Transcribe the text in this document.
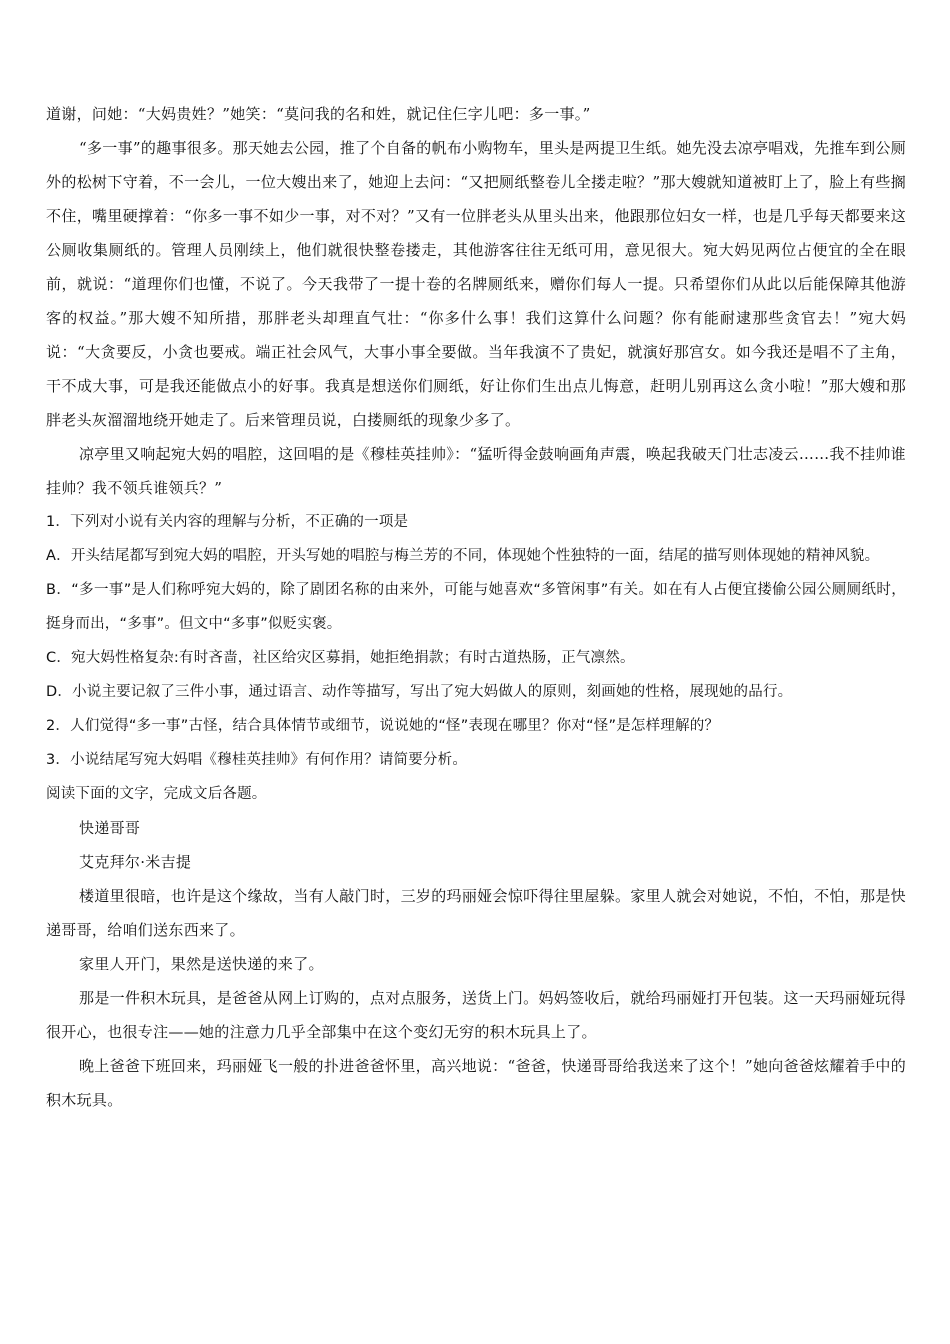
道谢，问她：“大妈贵姓？”她笑：“莫问我的名和姓，就记住仨字儿吧：多一事。”

“多一事”的趣事很多。那天她去公园，推了个自备的帆布小购物车，里头是两提卫生纸。她先没去凉亭唱戏，先推车到公厕外的松树下守着，不一会儿，一位大嫂出来了，她迎上去问：“又把厕纸整卷儿全搂走啦？”那大嫂就知道被盯上了，脸上有些搁不住，嘴里硬撑着：“你多一事不如少一事，对不对？”又有一位胖老头从里头出来，他跟那位妇女一样，也是几乎每天都要来这公厕收集厕纸的。管理人员刚续上，他们就很快整卷搂走，其他游客往往无纸可用，意见很大。宛大妈见两位占便宜的全在眼前，就说：“道理你们也懂，不说了。今天我带了一提十卷的名牌厕纸来，赠你们每人一提。只希望你们从此以后能保障其他游客的权益。”那大嫂不知所措，那胖老头却理直气壮：“你多什么事！我们这算什么问题？你有能耐逮那些贪官去！”宛大妈说：“大贪要反，小贪也要戒。端正社会风气，大事小事全要做。当年我演不了贵妃，就演好那宫女。如今我还是唱不了主角，干不成大事，可是我还能做点小的好事。我真是想送你们厕纸，好让你们生出点儿悔意，赶明儿别再这么贪小啦！”那大嫂和那胖老头灰溜溜地绕开她走了。后来管理员说，白搂厕纸的现象少多了。

凉亭里又响起宛大妈的唱腔，这回唱的是《穆桂英挂帅》：“猛听得金鼓响画角声震，唤起我破天门壮志凌云……我不挂帅谁挂帅？我不领兵谁领兵？”

1．下列对小说有关内容的理解与分析，不正确的一项是

A．开头结尾都写到宛大妈的唱腔，开头写她的唱腔与梅兰芳的不同，体现她个性独特的一面，结尾的描写则体现她的精神风貌。

B．“多一事”是人们称呼宛大妈的，除了剧团名称的由来外，可能与她喜欢“多管闲事”有关。如在有人占便宜搂偷公园公厕厕纸时，挺身而出，“多事”。但文中“多事”似贬实褒。

C．宛大妈性格复杂:有时吝啬，社区给灾区募捐，她拒绝捐款；有时古道热肠，正气凛然。

D．小说主要记叙了三件小事，通过语言、动作等描写，写出了宛大妈做人的原则，刻画她的性格，展现她的品行。

2．人们觉得“多一事”古怪，结合具体情节或细节，说说她的“怪”表现在哪里？你对“怪”是怎样理解的？

3．小说结尾写宛大妈唱《穆桂英挂帅》有何作用？请简要分析。

阅读下面的文字，完成文后各题。

快递哥哥

艾克拜尔·米吉提

楼道里很暗，也许是这个缘故，当有人敲门时，三岁的玛丽娅会惊吓得往里屋躲。家里人就会对她说，不怕，不怕，那是快递哥哥，给咱们送东西来了。

家里人开门，果然是送快递的来了。

那是一件积木玩具，是爸爸从网上订购的，点对点服务，送货上门。妈妈签收后，就给玛丽娅打开包装。这一天玛丽娅玩得很开心，也很专注——她的注意力几乎全部集中在这个变幻无穷的积木玩具上了。

晚上爸爸下班回来，玛丽娅飞一般的扑进爸爸怀里，高兴地说：“爸爸，快递哥哥给我送来了这个！”她向爸爸炫耀着手中的积木玩具。
